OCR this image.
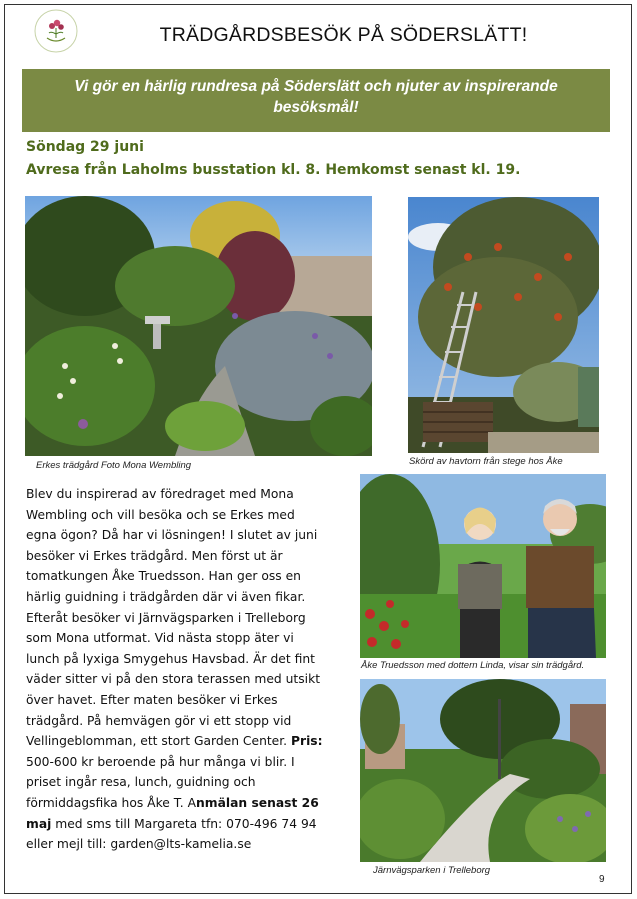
TRÄDGÅRDSBESÖK PÅ SÖDERSLÄTT!
Vi gör en härlig rundresa på Söderslätt och njuter av inspirerande besöksmål!
Söndag 29 juni
Avresa från Laholms busstation kl. 8. Hemkomst senast kl. 19.
Erkes trädgård Foto Mona Wembling	Skörd av havtorn från stege hos Åke
Åke Truedsson med dottern Linda, visar sin trädgård.
Järnvägsparken i Trelleborg
Blev du inspirerad av föredraget med Mona Wembling och vill besöka och se Erkes med egna ögon? Då har vi lösningen! I slutet av juni besöker vi Erkes trädgård. Men först ut är tomatkungen Åke Truedsson. Han ger oss en härlig guidning i trädgården där vi även fikar. Efteråt besöker vi Järnvägsparken i Trelleborg som Mona utformat. Vid nästa stopp äter vi lunch på lyxiga Smygehus Havsbad. Är det fint väder sitter vi på den stora terassen med utsikt över havet. Efter maten besöker vi Erkes trädgård. På hemvägen gör vi ett stopp vid Vellingeblomman, ett stort Garden Center. Pris: 500-600 kr beroende på hur många vi blir. I priset ingår resa, lunch, guidning och förmiddagsfika hos Åke T. Anmälan senast 26 maj med sms till Margareta tfn: 070-496 74 94 eller mejl till: garden@lts-kamelia.se
9
